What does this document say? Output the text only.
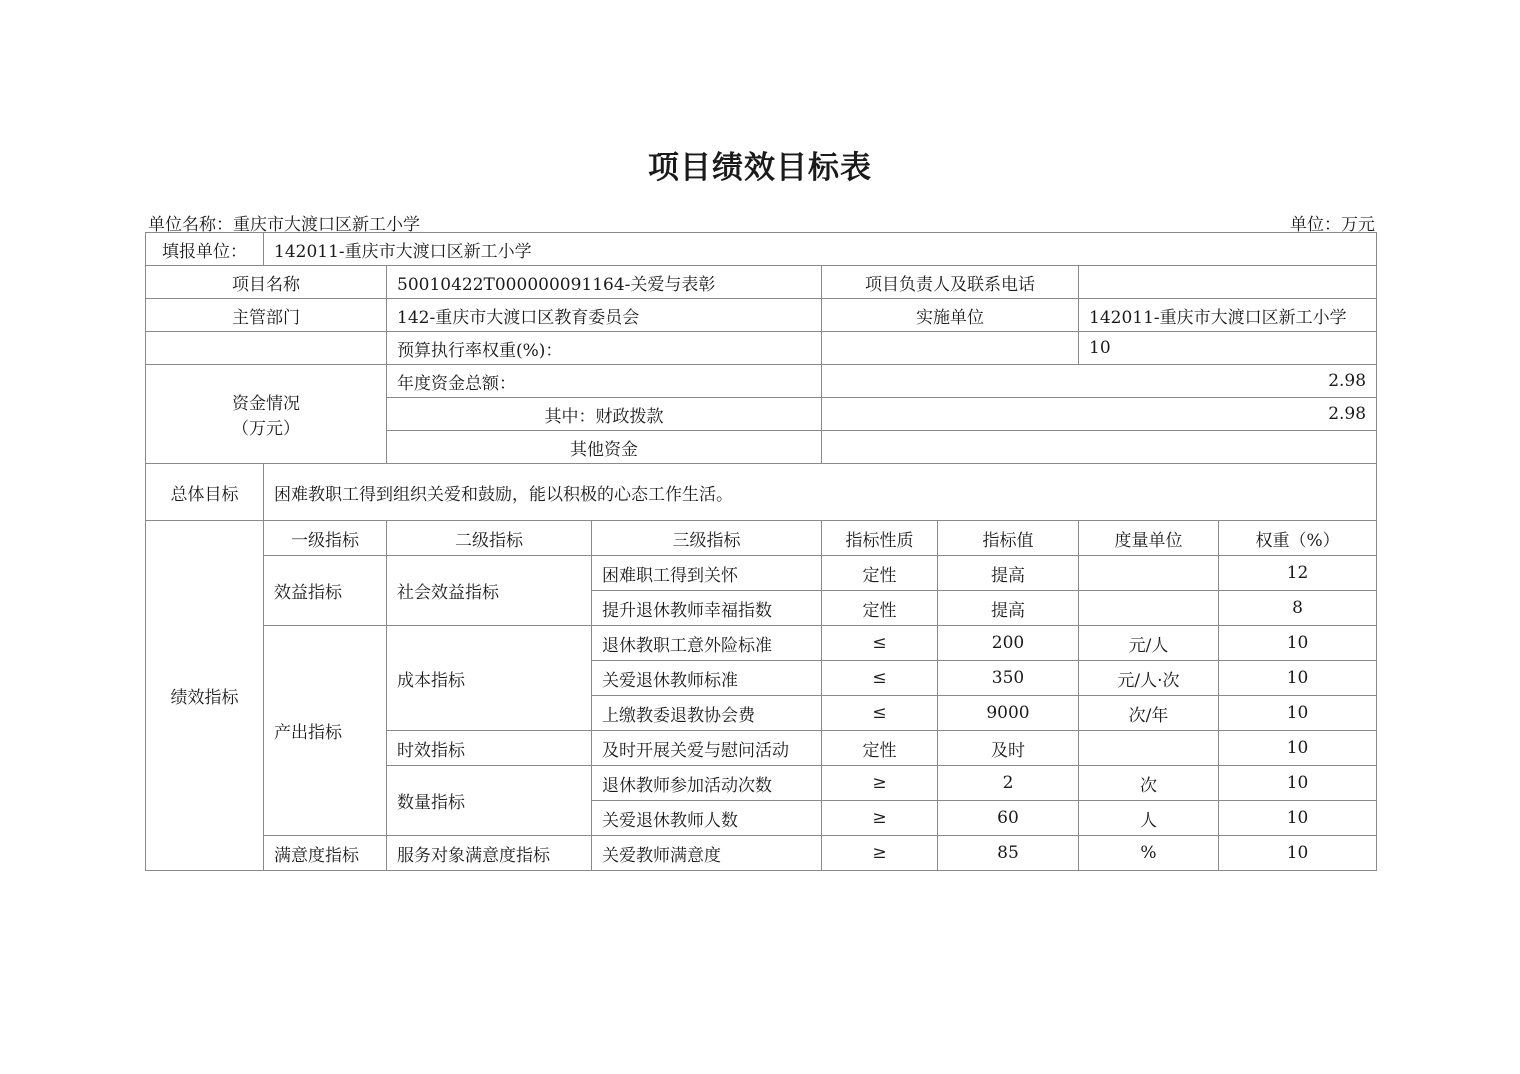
项目绩效目标表
单位名称：重庆市大渡口区新工小学	单位：万元
填报单位：	142011-重庆市大渡口区新工小学						
项目名称		50010422T000000091164-关爱与表彰		项目负责人及联系电话			
主管部门		142-重庆市大渡口区教育委员会		实施单位		142011-重庆市大渡口区新工小学	
		预算执行率权重(%)：				10	

资金情况
（万元）		年度资金总额：		2.98			
		其中：财政拨款		2.98			
		其他资金					
总体目标	困难教职工得到组织关爱和鼓励，能以积极的心态工作生活。						
绩效指标	一级指标	二级指标	三级指标	指标性质	指标值	度量单位	权重（%）
	效益指标	社会效益指标	困难职工得到关怀	定性	提高		12
			提升退休教师幸福指数	定性	提高		8
	产出指标	成本指标	退休教职工意外险标准	≤	200	元/人	10
			关爱退休教师标准	≤	350	元/人·次	10
			上缴教委退教协会费	≤	9000	次/年	10
		时效指标	及时开展关爱与慰问活动	定性	及时		10
		数量指标	退休教师参加活动次数	≥	2	次	10
			关爱退休教师人数	≥	60	人	10
	满意度指标	服务对象满意度指标	关爱教师满意度	≥	85	%	10
